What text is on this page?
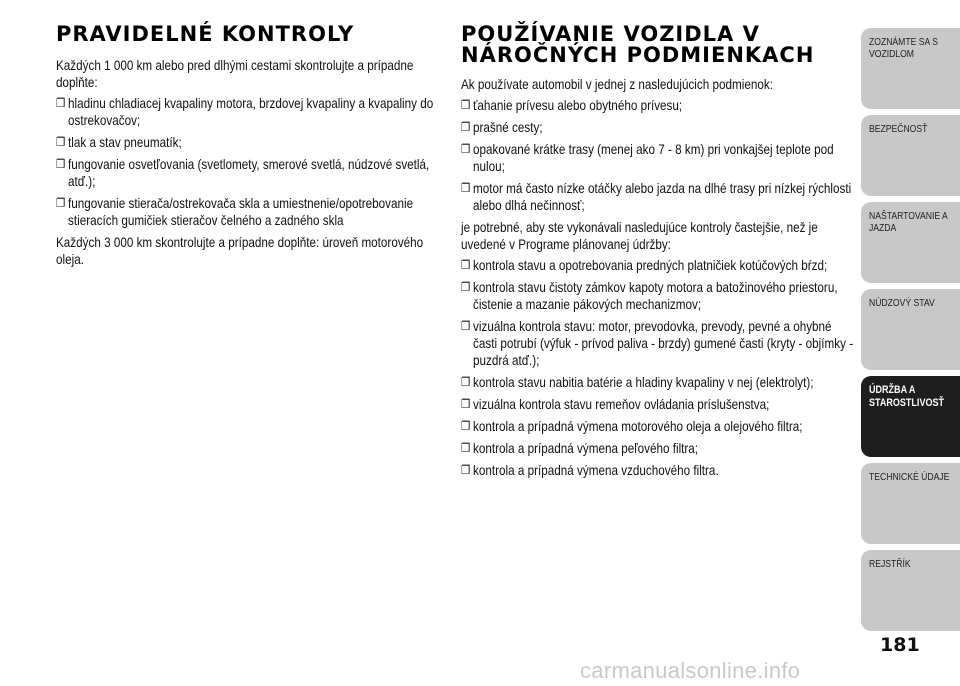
PRAVIDELNÉ KONTROLY

Každých 1 000 km alebo pred dlhými cestami skontrolujte a prípadne doplňte:

❒ hladinu chladiacej kvapaliny motora, brzdovej kvapaliny a kvapaliny do ostrekovačov;
❒ tlak a stav pneumatík;
❒ fungovanie osvetľovania (svetlomety, smerové svetlá, núdzové svetlá, atď.);
❒ fungovanie stierača/ostrekovača skla a umiestnenie/opotrebovanie stieracích gumičiek stieračov čelného a zadného skla

Každých 3 000 km skontrolujte a prípadne doplňte: úroveň motorového oleja.

POUŽÍVANIE VOZIDLA V NÁROČNÝCH PODMIENKACH

Ak používate automobil v jednej z nasledujúcich podmienok:

❒ ťahanie prívesu alebo obytného prívesu;
❒ prašné cesty;
❒ opakované krátke trasy (menej ako 7 - 8 km) pri vonkajšej teplote pod nulou;
❒ motor má často nízke otáčky alebo jazda na dlhé trasy pri nízkej rýchlosti alebo dlhá nečinnosť;

je potrebné, aby ste vykonávali nasledujúce kontroly častejšie, než je uvedené v Programe plánovanej údržby:

❒ kontrola stavu a opotrebovania predných platničiek kotúčových bŕzd;
❒ kontrola stavu čistoty zámkov kapoty motora a batožinového priestoru, čistenie a mazanie pákových mechanizmov;
❒ vizuálna kontrola stavu: motor, prevodovka, prevody, pevné a ohybné časti potrubí (výfuk - prívod paliva - brzdy) gumené časti (kryty - objímky - puzdrá atď.);
❒ kontrola stavu nabitia batérie a hladiny kvapaliny v nej (elektrolyt);
❒ vizuálna kontrola stavu remeňov ovládania príslušenstva;
❒ kontrola a prípadná výmena motorového oleja a olejového filtra;
❒ kontrola a prípadná výmena peľového filtra;
❒ kontrola a prípadná výmena vzduchového filtra.
ZOZNÁMTE SA S VOZIDLOM
BEZPEČNOSŤ
NAŠTARTOVANIE A JAZDA
NÚDZOVÝ STAV
ÚDRŽBA A STAROSTLIVOSŤ
TECHNICKÉ ÚDAJE
REJSTŘÍK
181
carmanualsonline.info
